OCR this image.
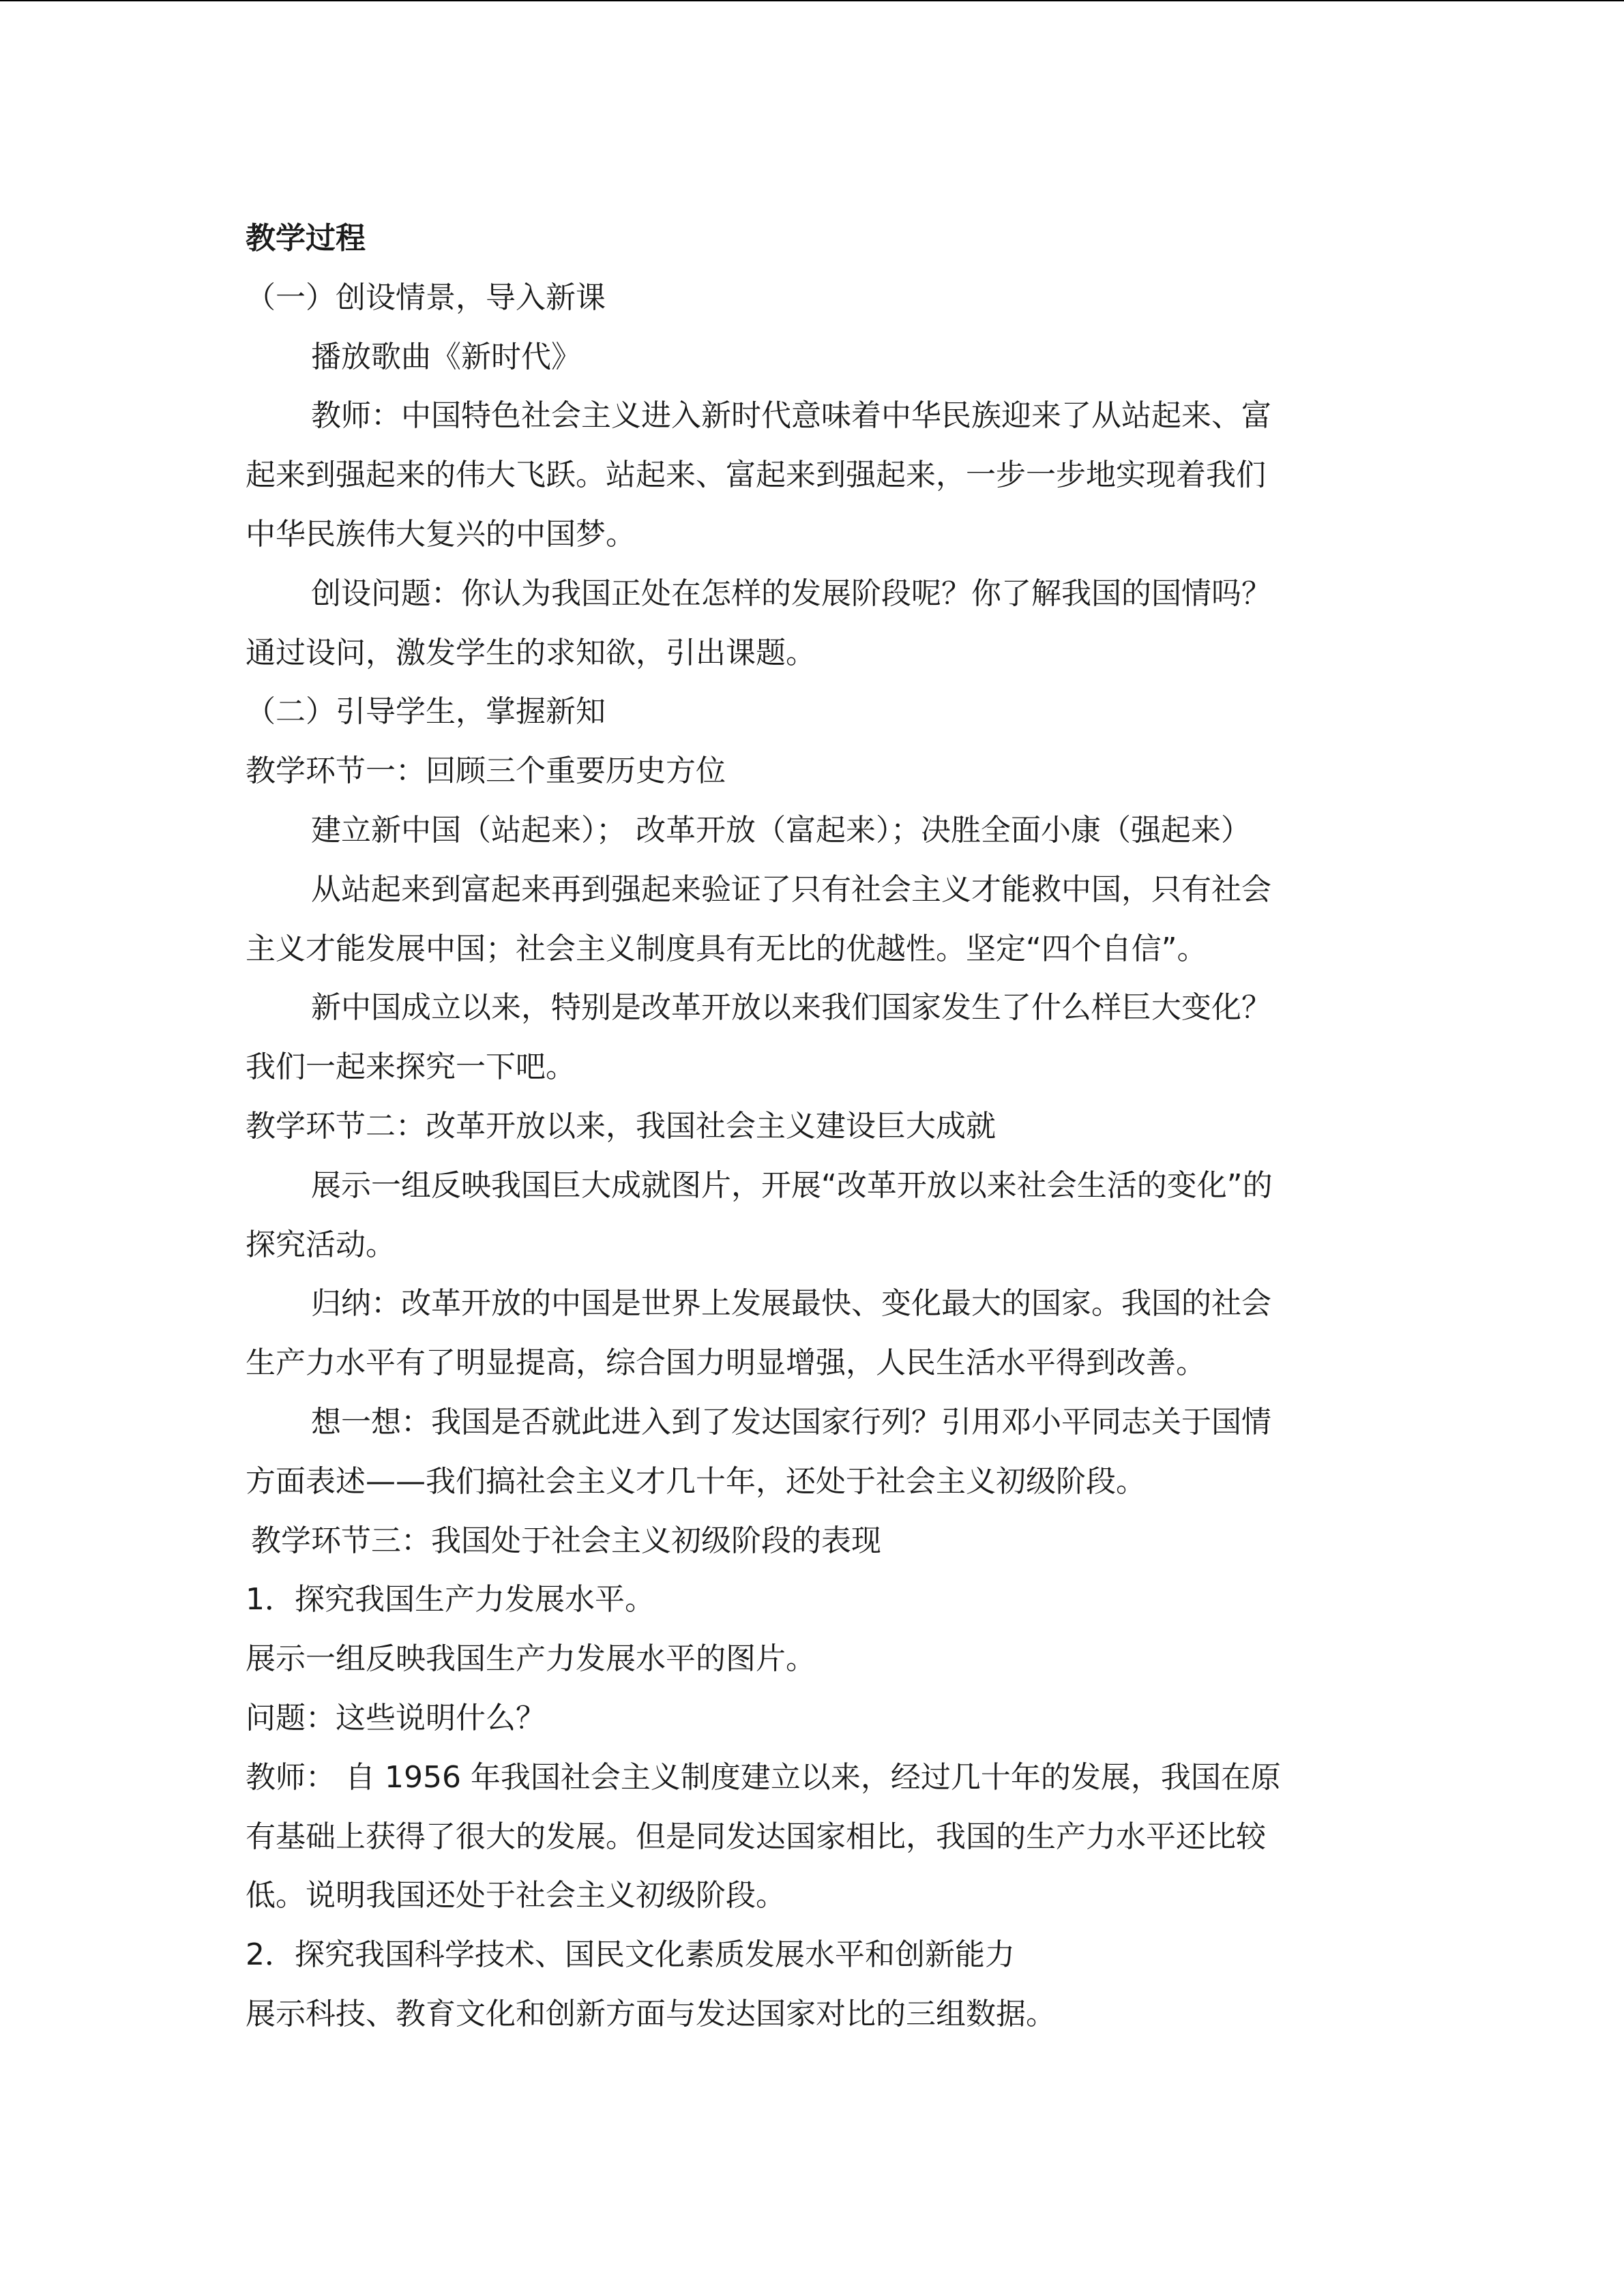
教学过程
（一）创设情景，导入新课
播放歌曲《新时代》
教师：中国特色社会主义进入新时代意味着中华民族迎来了从站起来、富
起来到强起来的伟大飞跃。站起来、富起来到强起来，一步一步地实现着我们
中华民族伟大复兴的中国梦。
创设问题：你认为我国正处在怎样的发展阶段呢？你了解我国的国情吗？
通过设问，激发学生的求知欲，引出课题。
（二）引导学生，掌握新知
教学环节一：回顾三个重要历史方位
建立新中国（站起来）； 改革开放（富起来）；决胜全面小康（强起来）
从站起来到富起来再到强起来验证了只有社会主义才能救中国，只有社会
主义才能发展中国；社会主义制度具有无比的优越性。坚定“四个自信”。
新中国成立以来，特别是改革开放以来我们国家发生了什么样巨大变化？
我们一起来探究一下吧。
教学环节二：改革开放以来，我国社会主义建设巨大成就
展示一组反映我国巨大成就图片，开展“改革开放以来社会生活的变化”的
探究活动。
归纳：改革开放的中国是世界上发展最快、变化最大的国家。我国的社会
生产力水平有了明显提高，综合国力明显增强，人民生活水平得到改善。
想一想：我国是否就此进入到了发达国家行列？引用邓小平同志关于国情
方面表述——我们搞社会主义才几十年，还处于社会主义初级阶段。
教学环节三：我国处于社会主义初级阶段的表现
1．探究我国生产力发展水平。
展示一组反映我国生产力发展水平的图片。
问题：这些说明什么？
教师： 自 1956 年我国社会主义制度建立以来，经过几十年的发展，我国在原
有基础上获得了很大的发展。但是同发达国家相比，我国的生产力水平还比较
低。说明我国还处于社会主义初级阶段。
2．探究我国科学技术、国民文化素质发展水平和创新能力
展示科技、教育文化和创新方面与发达国家对比的三组数据。
